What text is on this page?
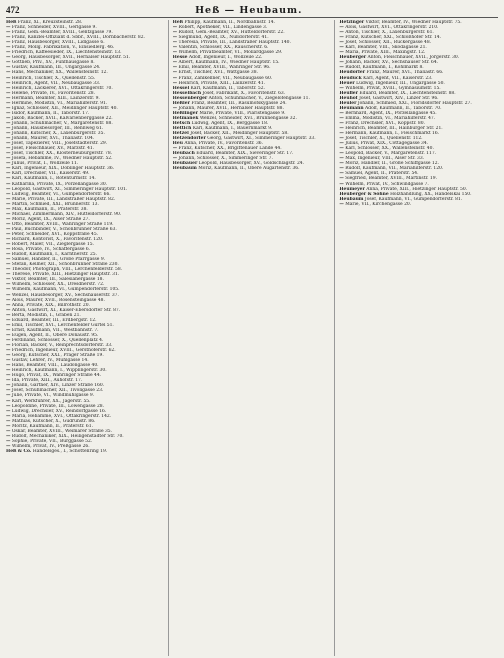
472	Heß — Heubaum.
Heß Franz, Xl., Kreuzsteinstr. 28.
— Franz, Schneider, XVIII., Gerlgasse 9.
— Franz, Gem.-Beamter, XVIII., Gentzgasse 79.
— Franz, Kanzlei-Offiziant d. Sbbr., XVIII., Dornbacherstr. 82.
— Franz, Hausbesorger, XVIII., Lidlgasse 6.
— Franz, Mollg. Fabrikation, V., Einsiedlerg. 46.
— Friedrich, Kaffeesieder, IX., Liechtensteinstr. 13.
— Georg, Hausbesorger, XVII., Hernalser Hauptstr. 51.
— Gottlieb, Priv., XV., Fünfhausgasse 8.
— Gustav, Kaufmann, III., Ungargasse 24.
— Hans, Mechaniker, XX., Wallensteinstr. 12.
— Heinrich, Tischler, X., Quellenstr. 55.
— Heinrich, Agent, VII., Neubaugasse 33.
— Heinrich, Lackierer, XVI., Ottakringerstr. 70.
— Helene, Private, IV., Favoritenstr. 28.
— Hermann, Beamter, XIII., Lainzerstr. 9.
— Hermine, Modistin, VI., Mariahilferstr. 91.
— Ignaz, Schlosser, XII., Meidlinger Hauptstr. 40.
— Isidor, Kaufmann, II., Taborstr. 17.
— Jakob, Bäcker, XVII., Kalvarienberggasse 22.
— Johann, Schuhmacher, V., Margaretenstr. 88.
— Johann, Hausbesorger, III., Rennweg 61.
— Johann, Kutscher, X., Laxenburgerstr. 35.
— Johann, Maurer, XVI., Thaliastr. 104.
— Josef, Tapezierer, VIII., Josefstädterstr. 29.
— Josef, Fleischhauer, XV., Märzstr. 41.
— Josef, Tischler, XX., Klosterneuburgerstr. 78.
— Josefa, Hebamme, IV., Wiedner Hauptstr. 52.
— Julius, Privat, I., Wollzeile 11.
— Karl, Ingenieur, XIX., Döblinger Hauptstr. 36.
— Karl, Drechsler, VII., Kaiserstr. 49.
— Karl, Kaufmann, I., Rotenturmstr. 14.
— Katharina, Private, IX., Porzellangasse 30.
— Leopold, Gastwirt, XI., Simmeringer Hauptstr. 101.
— Ludwig, Beamter, VI., Gumpendorferstr. 66.
— Marie, Private, III., Landstraßer Hauptstr. 82.
— Martin, Schmied, XXI., Brünnerstr. 13.
— Max, Kaufmann, II., Praterstr. 38.
— Michael, Zimmermann, XIV., Hütteldorferstr. 90.
— Moriz, Agent, IX., Alser Straße 27.
— Otto, Beamter, XVIII., Währinger Straße 119.
— Paul, Buchbinder, V., Schönbrunner Straße 63.
— Peter, Schneider, XVI., Koppstraße 45.
— Richard, Kontorist, X., Favoritenstr. 120.
— Robert, Maler, VII., Zieglergasse 15.
— Rosa, Private, IV., Schäffergasse 6.
— Rudolf, Kaufmann, I., Kärntnerstr. 25.
— Samuel, Händler, II., Große Pfarrgasse 9.
— Stefan, Kellner, XII., Schönbrunner Straße 230.
— Theodor, Photograph, VIII., Lerchenfelderstr. 58.
— Therese, Private, XIII., Hietzinger Hauptstr. 31.
— Viktor, Beamter, III., Salesianergasse 18.
— Wilhelm, Schlosser, XX., Dresdnerstr. 72.
— Wilhelm, Kaufmann, VI., Gumpendorferstr. 105.
— Wenzel, Hausbesorger, XV., Sechshauserstr. 37.
— Alois, Maurer, XVII., Rosensteingasse 48.
— Anna, Private, XIX., Billrothstr. 20.
— Anton, Gastwirt, XI., Kaiser-Ebersdorfer Str. 87.
— Berta, Modistin, I., Graben 21.
— Eduard, Beamter, III., Erdbergstr. 12.
— Emil, Tischler, XVI., Lerchenfelder Gürtel 51.
— Ernst, Kaufmann, VII., Westbahnstr. 7.
— Eugen, Agent, II., Obere Donaustr. 95.
— Ferdinand, Schlosser, X., Quellenplatz 4.
— Florian, Bäcker, V., Reinprechtsdorferstr. 33.
— Friedrich, Ingenieur, XVIII., Gersthoferstr. 62.
— Georg, Kutscher, XXI., Prager Straße 19.
— Gustav, Lehrer, IV., Mühlgasse 14.
— Hans, Beamter, VIII., Laudongasse 40.
— Heinrich, Kaufmann, I., Wipplingerstr. 30.
— Hugo, Privat, IX., Währinger Straße 44.
— Ida, Private, XIII., Auhofstr. 17.
— Johann, Gärtner, XIV., Linzer Straße 160.
— Josef, Schuhmacher, XII., Tivoligasse 23.
— Julie, Private, VI., Windmühlgasse 9.
— Karl, Werkführer, XX., Jägerstr. 55.
— Leopoldine, Private, III., Löwengasse 28.
— Ludwig, Drechsler, XV., Reindorfgasse 16.
— Maria, Hebamme, XVI., Ottakringerstr. 142.
— Mathias, Kutscher, X., Gudrunstr. 86.
— Moritz, Kaufmann, II., Praterstr. 61.
— Oskar, Beamter, XVIII., Weimarer Straße 35.
— Rudolf, Mechaniker, XIX., Heiligenstädter Str. 70.
— Sophie, Private, VII., Burggasse 52.
— Wilhelm, Privat, IV., Preßgasse 26.
Heß & Co. Handelsges., I., Schottenring 19.
Heß Philipp, Kaufmann, II., Nordbahnstr. 14.
— Robert, Apotheker, VII., Lindengasse 3.
— Rudolf, Gem.-Beamter, XV., Hütteldorferstr. 22.
— Siegmund, Agent, IX., Nußdorferstr. 41.
— Theresia, Private, III., Landstraßer Hauptstr. 140.
— Valentin, Schlosser, XX., Rauscherstr. 6.
— Wilhelm, Privatbeamter, VI., Mollardgasse 29.
Hesse Adolf, Ingenieur, I., Wollzeile 22.
— Albert, Kaufmann, IV., Wiedner Hauptstr. 15.
— Emil, Beamter, XVIII., Währinger Str. 96.
— Ernst, Tischler, XVI., Wattgasse 38.
— Franz, Zahlkellner, VII., Neubaugasse 60.
— Heinrich, Private, XIII., Lainzerstr. 41.
Hessel Karl, Kaufmann, II., Taborstr. 52.
Hesselbach Josef, Fabrikant, X., Favoritenstr. 63.
Hessenberger Anton, Schuhmacher, V., Ziegelofengasse 11.
Heßler Franz, Beamter, III., Rasumofskygasse 24.
— Johann, Maurer, XVII., Hernalser Hauptstr. 88.
Heßlinger Marie, Private, VIII., Piaristengasse 9.
Hetmanek Wenzel, Schneider, XVI., Brunnengasse 32.
Hetsch Ludwig, Agent, IX., Berggasse 18.
Hettich Karl, Kaufmann, I., Bauernmarkt 9.
Hetzel Josef, Bäcker, XII., Meidlinger Hauptstr. 58.
Hetzendorfer Georg, Gastwirt, XI., Simmeringer Hauptstr. 33.
Heu Anna, Private, IV., Favoritenstr. 36.
— Franz, Kutscher, XX., Brigittenauer Lände 44.
Heubach Eduard, Beamter, XIX., Sieveringer Str. 17.
— Johann, Schlosser, X., Simmeringer Str. 7.
Heubauer Leopold, Hausbesorger, XV., Goldschlagstr. 24.
Heubaum Moriz, Kaufmann, II., Obere Augartenstr. 36.
Hetzinger Viktor, Beamter, IV., Wiedner Hauptstr. 75.
— Alois, Gastwirt, XVI., Ottakringerstr. 210.
— Anton, Tischler, X., Laxenburgerstr. 61.
— Franz, Kutscher, XXI., Schloßhofer Str. 14.
— Josef, Schlosser, XII., Ruckergasse 48.
— Karl, Beamter, VIII., Skodagasse 21.
— Maria, Private, XIII., Maxingstr. 12.
Heuberger Anton, Fleischhauer, XVII., Jörgerstr. 30.
— Johann, Bäcker, XV., Sechshauser Str. 64.
— Rudolf, Kaufmann, I., Kohlmarkt 8.
Heudorfer Franz, Maurer, XVI., Thaliastr. 66.
Heuduck Karl, Agent, VII., Kaiserstr. 23.
Heuer Ludwig, Ingenieur, III., Ungargasse 50.
— Wilhelm, Privat, XVIII., Gymnasiumstr. 15.
Heufler Eduard, Beamter, IX., Liechtensteinstr. 88.
Heuhof Josef, Gastwirt, XIV., Linzer Str. 96.
Heuler Johann, Schmied, XXI., Floridsdorfer Hauptstr. 27.
Heumann Adolf, Kaufmann, II., Taborstr. 70.
— Bernhard, Agent, IX., Porzellangasse 45.
— Emma, Modistin, VI., Mariahilferstr. 47.
— Franz, Drechsler, XVI., Koppstr. 80.
— Heinrich, Beamter, III., Hainburger Str. 21.
— Hermann, Kaufmann, I., Fleischmarkt 16.
— Josef, Tischler, X., Quellenstr. 112.
— Julius, Privat, XIX., Cottagegasse 34.
— Karl, Schlosser, XX., Wallensteinstr. 40.
— Leopold, Bäcker, V., Margaretenstr. 117.
— Max, Ingenieur, VIII., Alser Str. 33.
— Moriz, Händler, II., Große Schiffgasse 12.
— Rudolf, Kaufmann, VII., Mariahilferstr. 120.
— Samuel, Agent, II., Praterstr. 54.
— Siegfried, Beamter, XVIII., Martinstr. 19.
— Wilhelm, Privat, IV., Schwindgasse 7.
Heumeyer Anna, Private, XIII., Hietzinger Hauptstr. 50.
Heuberger & Söhne Holzhandlung, XX., Handelskai 150.
Heubaum Josef, Kaufmann, VI., Gumpendorferstr. 81.
— Marie, VII., Kirchengasse 20.
